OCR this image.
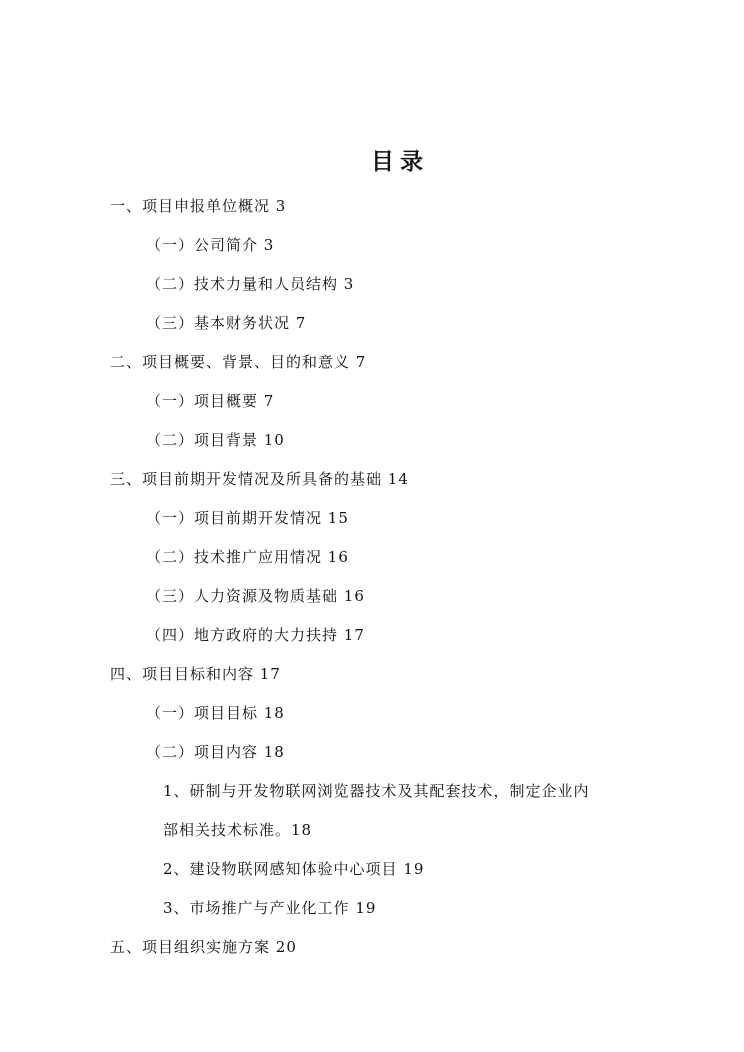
目录
一、项目申报单位概况 3
（一）公司简介 3
（二）技术力量和人员结构 3
（三）基本财务状况 7
二、项目概要、背景、目的和意义 7
（一）项目概要 7
（二）项目背景 10
三、项目前期开发情况及所具备的基础 14
（一）项目前期开发情况 15
（二）技术推广应用情况 16
（三）人力资源及物质基础 16
（四）地方政府的大力扶持 17
四、项目目标和内容 17
（一）项目目标 18
（二）项目内容 18
1、研制与开发物联网浏览器技术及其配套技术，制定企业内
部相关技术标准。18
2、建设物联网感知体验中心项目 19
3、市场推广与产业化工作 19
五、项目组织实施方案 20
